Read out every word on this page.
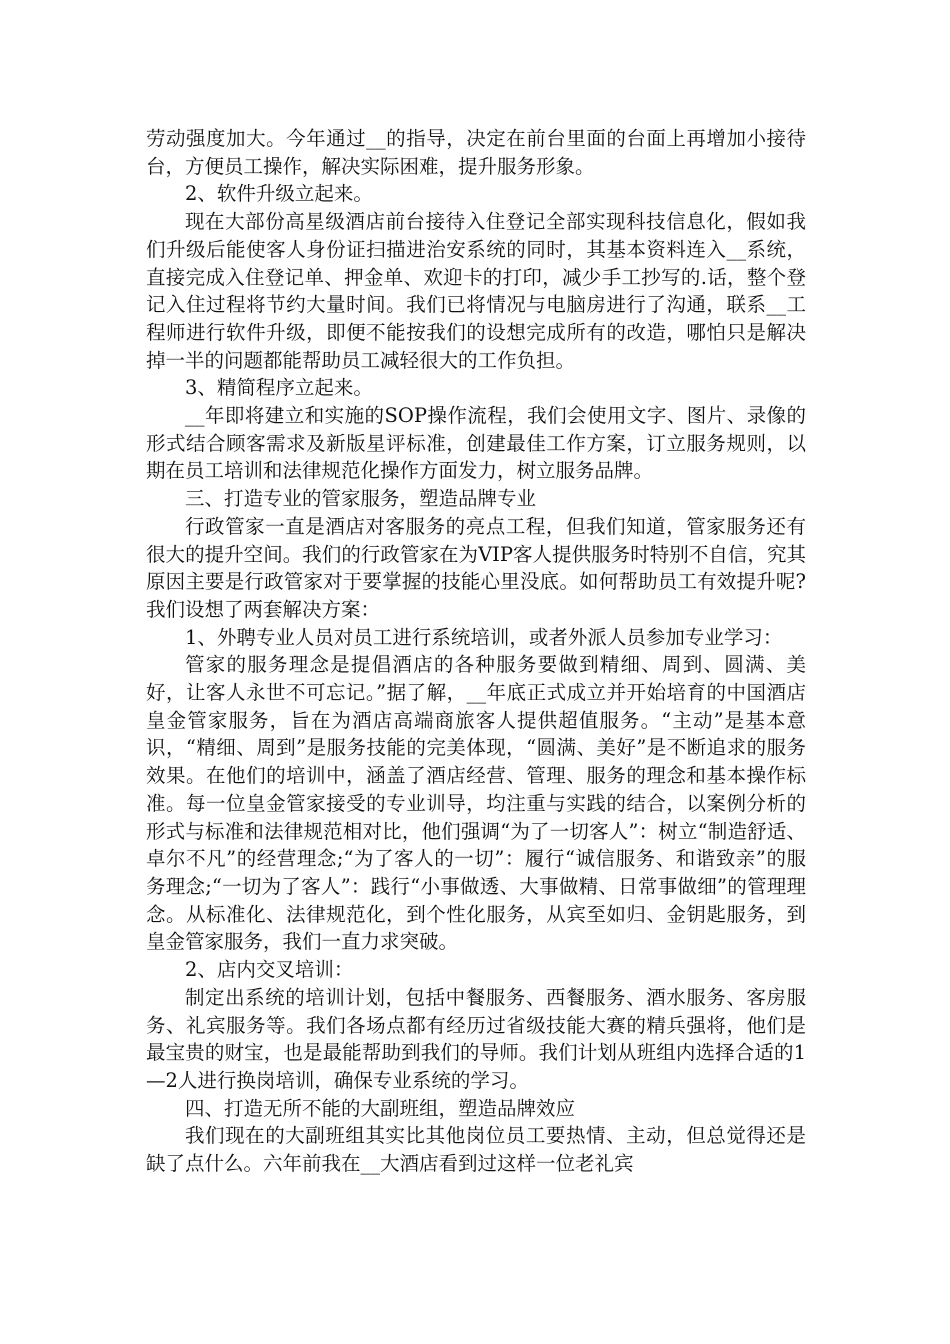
劳动强度加大。今年通过__的指导，决定在前台里面的台面上再增加小接待台，方便员工操作，解决实际困难，提升服务形象。

2、软件升级立起来。

现在大部份高星级酒店前台接待入住登记全部实现科技信息化，假如我们升级后能使客人身份证扫描进治安系统的同时，其基本资料连入__系统，直接完成入住登记单、押金单、欢迎卡的打印，减少手工抄写的.话，整个登记入住过程将节约大量时间。我们已将情况与电脑房进行了沟通，联系__工程师进行软件升级，即便不能按我们的设想完成所有的改造，哪怕只是解决掉一半的问题都能帮助员工减轻很大的工作负担。

3、精简程序立起来。

__年即将建立和实施的SOP操作流程，我们会使用文字、图片、录像的形式结合顾客需求及新版星评标准，创建最佳工作方案，订立服务规则，以期在员工培训和法律规范化操作方面发力，树立服务品牌。

三、打造专业的管家服务，塑造品牌专业

行政管家一直是酒店对客服务的亮点工程，但我们知道，管家服务还有很大的提升空间。我们的行政管家在为VIP客人提供服务时特别不自信，究其原因主要是行政管家对于要掌握的技能心里没底。如何帮助员工有效提升呢?我们设想了两套解决方案：

1、外聘专业人员对员工进行系统培训，或者外派人员参加专业学习：

管家的服务理念是提倡酒店的各种服务要做到精细、周到、圆满、美好，让客人永世不可忘记。”据了解，__年底正式成立并开始培育的中国酒店皇金管家服务，旨在为酒店高端商旅客人提供超值服务。“主动”是基本意识，“精细、周到”是服务技能的完美体现，“圆满、美好”是不断追求的服务效果。在他们的培训中，涵盖了酒店经营、管理、服务的理念和基本操作标准。每一位皇金管家接受的专业训导，均注重与实践的结合，以案例分析的形式与标准和法律规范相对比，他们强调“为了一切客人”：树立“制造舒适、卓尔不凡”的经营理念;“为了客人的一切”：履行“诚信服务、和谐致亲”的服务理念;“一切为了客人”：践行“小事做透、大事做精、日常事做细”的管理理念。从标准化、法律规范化，到个性化服务，从宾至如归、金钥匙服务，到皇金管家服务，我们一直力求突破。

2、店内交叉培训：

制定出系统的培训计划，包括中餐服务、西餐服务、酒水服务、客房服务、礼宾服务等。我们各场点都有经历过省级技能大赛的精兵强将，他们是最宝贵的财宝，也是最能帮助到我们的导师。我们计划从班组内选择合适的1—2人进行换岗培训，确保专业系统的学习。

四、打造无所不能的大副班组，塑造品牌效应

我们现在的大副班组其实比其他岗位员工要热情、主动，但总觉得还是缺了点什么。六年前我在__大酒店看到过这样一位老礼宾
